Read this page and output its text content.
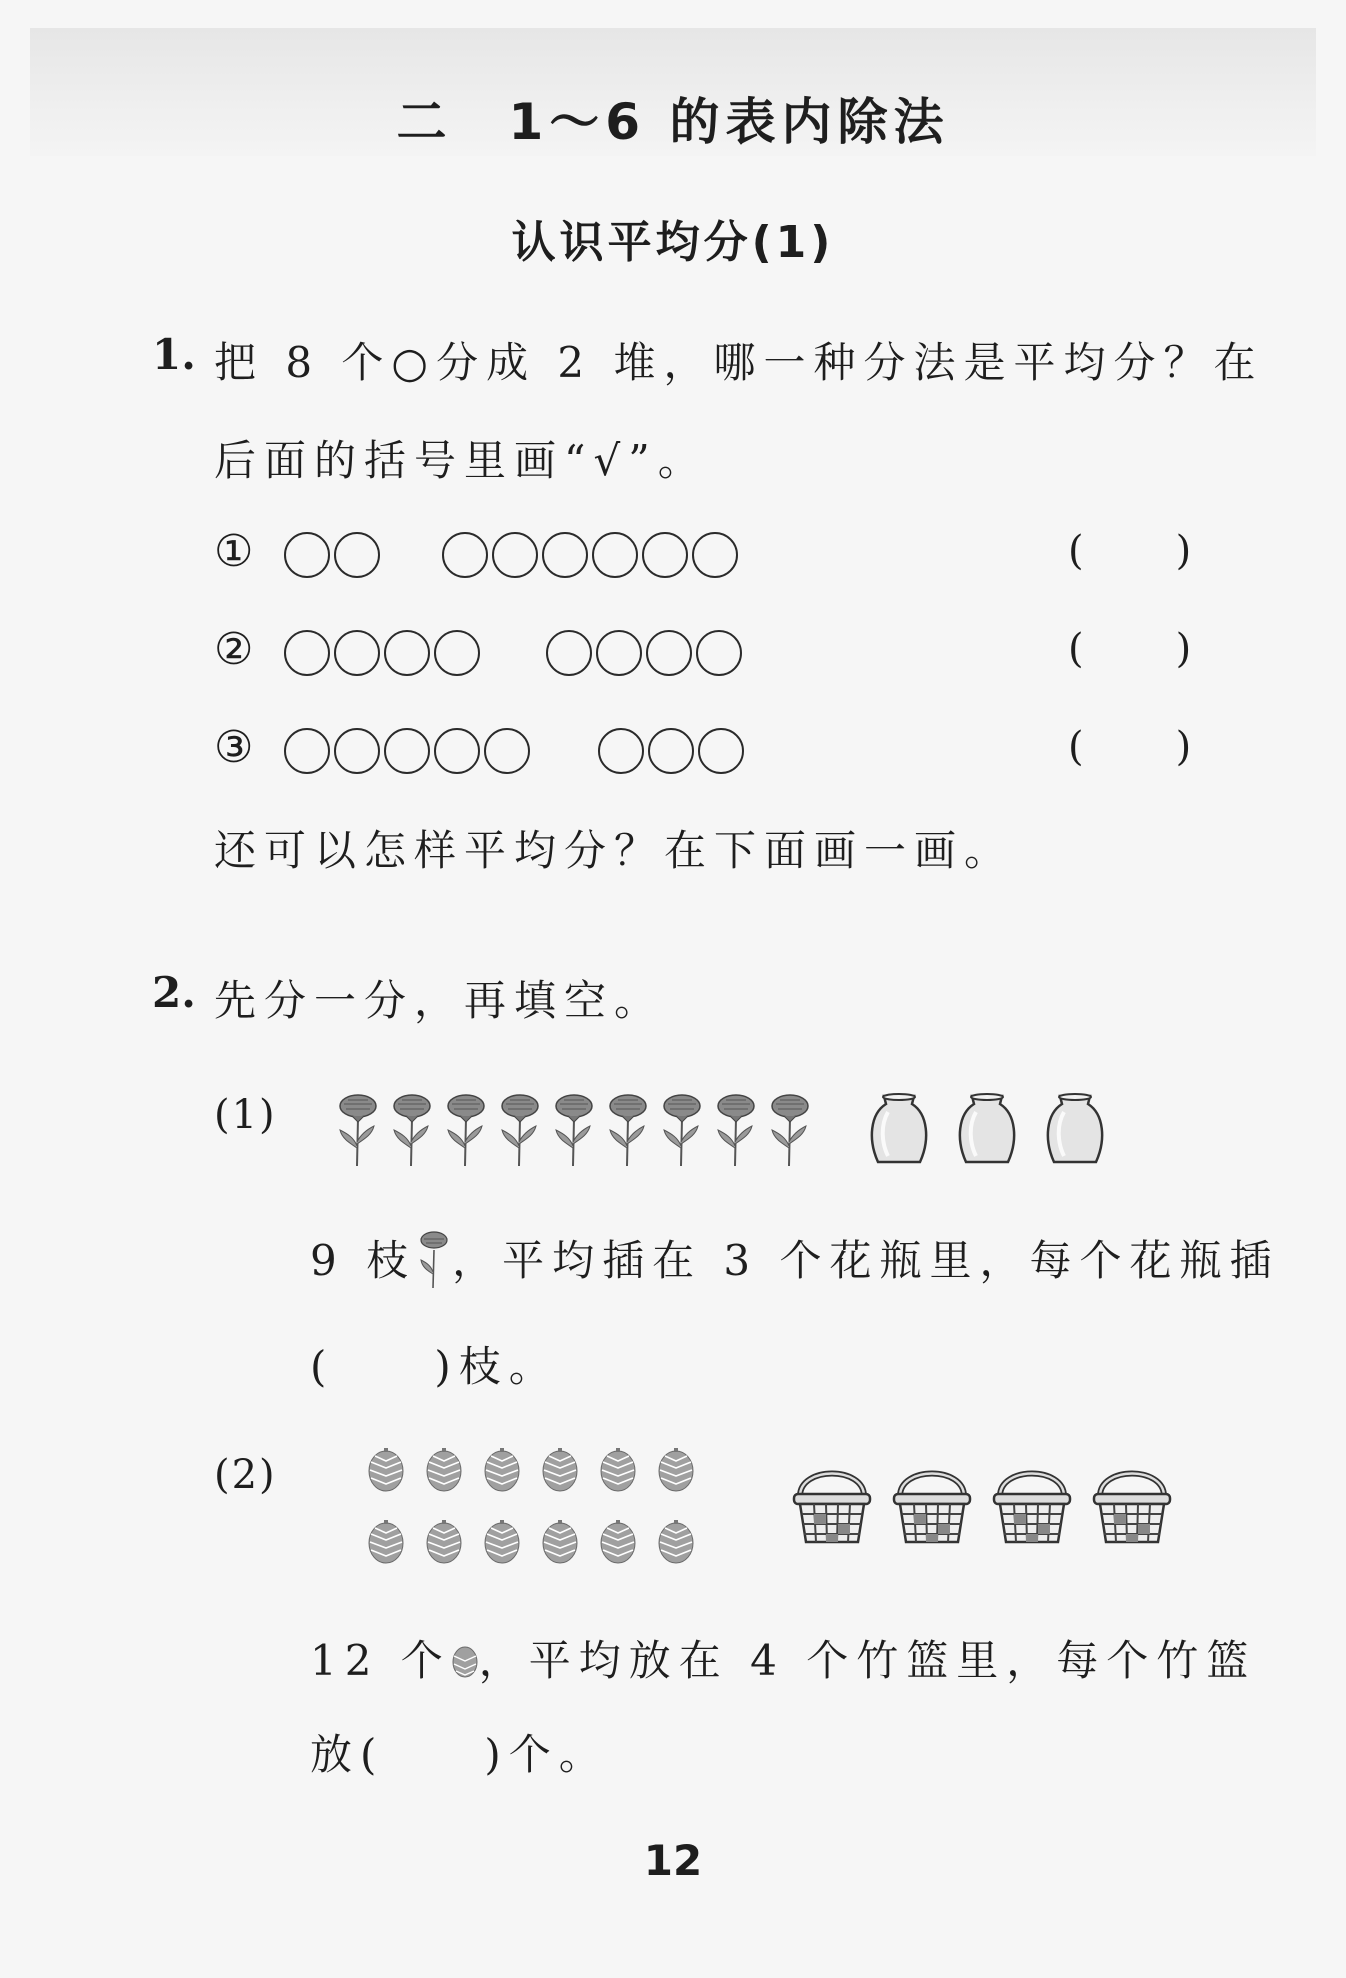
二　1～6 的表内除法
认识平均分(1)
1. 把 8 个○分成 2 堆，哪一种分法是平均分？在
后面的括号里画“√”。
①	( )
②	( )
③	( )
还可以怎样平均分？在下面画一画。
2. 先分一分，再填空。
(1)
9 枝 ，平均插在 3 个花瓶里，每个花瓶插
(　　)枝。
(2)
12 个 ，平均放在 4 个竹篮里，每个竹篮
放(　　)个。
12
